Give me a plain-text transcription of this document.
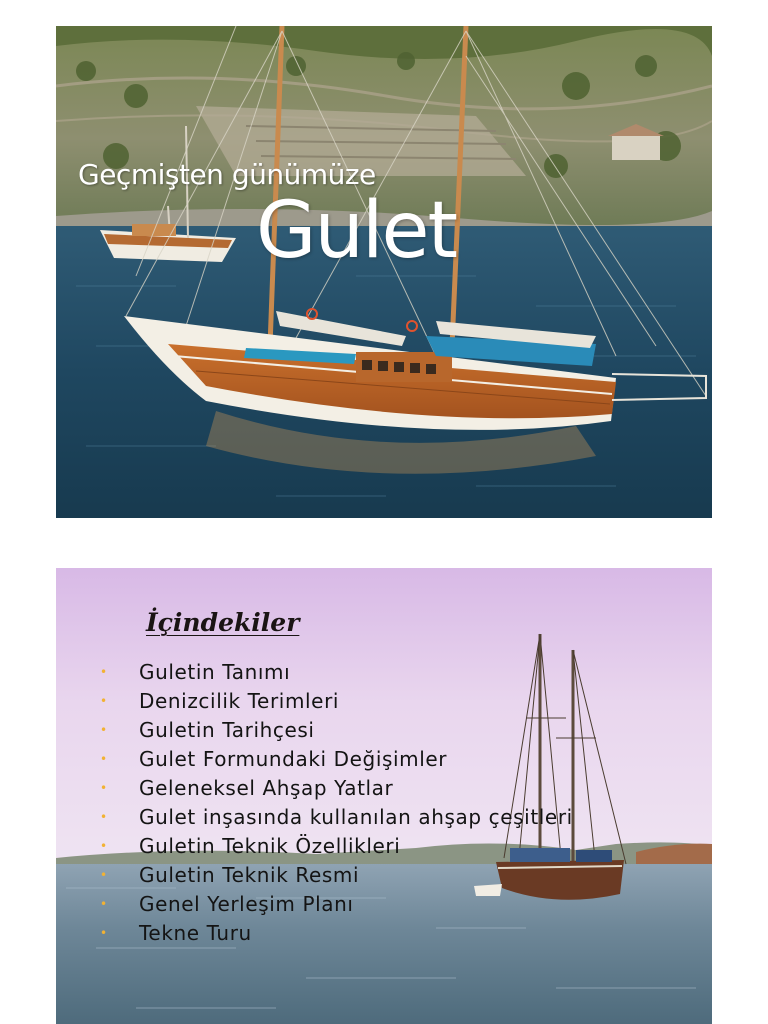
Geçmişten günümüze
Gulet
İçindekiler
• Guletin Tanımı
• Denizcilik Terimleri
• Guletin Tarihçesi
• Gulet Formundaki Değişimler
• Geleneksel Ahşap Yatlar
• Gulet inşasında kullanılan ahşap çeşitleri
• Guletin Teknik Özellikleri
• Guletin Teknik Resmi
• Genel Yerleşim Planı
• Tekne Turu
